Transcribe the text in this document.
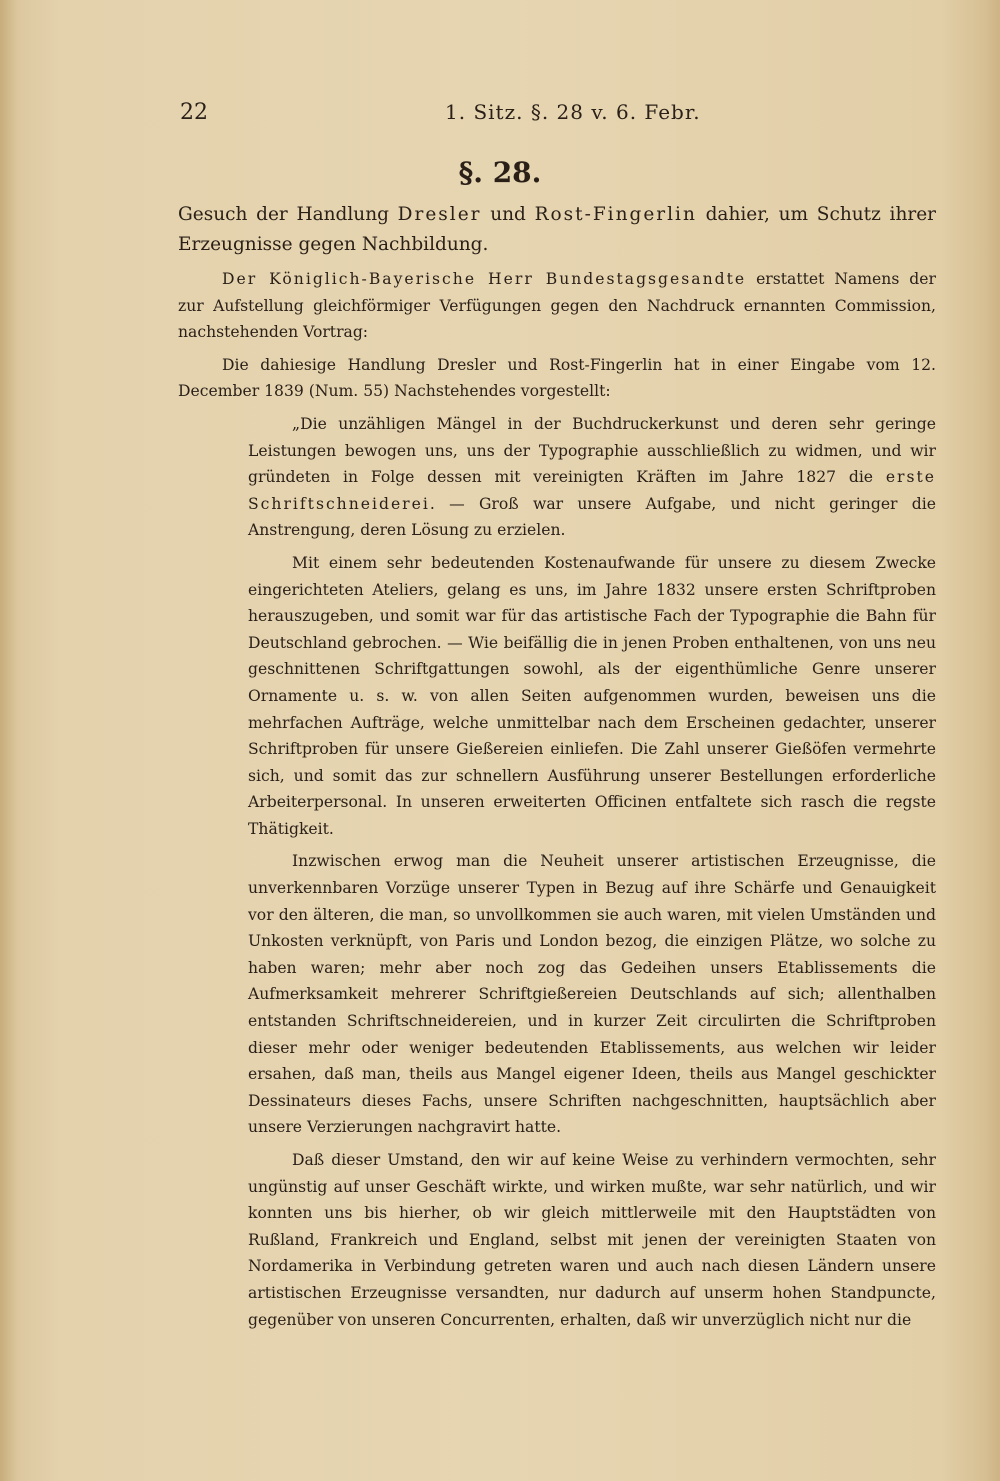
22	1. Sitz. §. 28 v. 6. Febr.
§. 28.

Gesuch der Handlung Dresler und Rost-Fingerlin dahier, um Schutz ihrer Erzeugnisse gegen Nachbildung.

Der Königlich-Bayerische Herr Bundestagsgesandte erstattet Namens der zur Aufstellung gleichförmiger Verfügungen gegen den Nachdruck ernannten Commission, nachstehenden Vortrag:

Die dahiesige Handlung Dresler und Rost-Fingerlin hat in einer Eingabe vom 12. December 1839 (Num. 55) Nachstehendes vorgestellt:

„Die unzähligen Mängel in der Buchdruckerkunst und deren sehr geringe Leistungen bewogen uns, uns der Typographie ausschließlich zu widmen, und wir gründeten in Folge dessen mit vereinigten Kräften im Jahre 1827 die erste Schriftschneiderei. — Groß war unsere Aufgabe, und nicht geringer die Anstrengung, deren Lösung zu erzielen.

Mit einem sehr bedeutenden Kostenaufwande für unsere zu diesem Zwecke eingerichteten Ateliers, gelang es uns, im Jahre 1832 unsere ersten Schriftproben herauszugeben, und somit war für das artistische Fach der Typographie die Bahn für Deutschland gebrochen. — Wie beifällig die in jenen Proben enthaltenen, von uns neu geschnittenen Schriftgattungen sowohl, als der eigenthümliche Genre unserer Ornamente u. s. w. von allen Seiten aufgenommen wurden, beweisen uns die mehrfachen Aufträge, welche unmittelbar nach dem Erscheinen gedachter, unserer Schriftproben für unsere Gießereien einliefen. Die Zahl unserer Gießöfen vermehrte sich, und somit das zur schnellern Ausführung unserer Bestellungen erforderliche Arbeiterpersonal. In unseren erweiterten Officinen entfaltete sich rasch die regste Thätigkeit.

Inzwischen erwog man die Neuheit unserer artistischen Erzeugnisse, die unverkennbaren Vorzüge unserer Typen in Bezug auf ihre Schärfe und Genauigkeit vor den älteren, die man, so unvollkommen sie auch waren, mit vielen Umständen und Unkosten verknüpft, von Paris und London bezog, die einzigen Plätze, wo solche zu haben waren; mehr aber noch zog das Gedeihen unsers Etablissements die Aufmerksamkeit mehrerer Schriftgießereien Deutschlands auf sich; allenthalben entstanden Schriftschneidereien, und in kurzer Zeit circulirten die Schriftproben dieser mehr oder weniger bedeutenden Etablissements, aus welchen wir leider ersahen, daß man, theils aus Mangel eigener Ideen, theils aus Mangel geschickter Dessinateurs dieses Fachs, unsere Schriften nachgeschnitten, hauptsächlich aber unsere Verzierungen nachgravirt hatte.

Daß dieser Umstand, den wir auf keine Weise zu verhindern vermochten, sehr ungünstig auf unser Geschäft wirkte, und wirken mußte, war sehr natürlich, und wir konnten uns bis hierher, ob wir gleich mittlerweile mit den Hauptstädten von Rußland, Frankreich und England, selbst mit jenen der vereinigten Staaten von Nordamerika in Verbindung getreten waren und auch nach diesen Ländern unsere artistischen Erzeugnisse versandten, nur dadurch auf unserm hohen Standpuncte, gegenüber von unseren Concurrenten, erhalten, daß wir unverzüglich nicht nur die
